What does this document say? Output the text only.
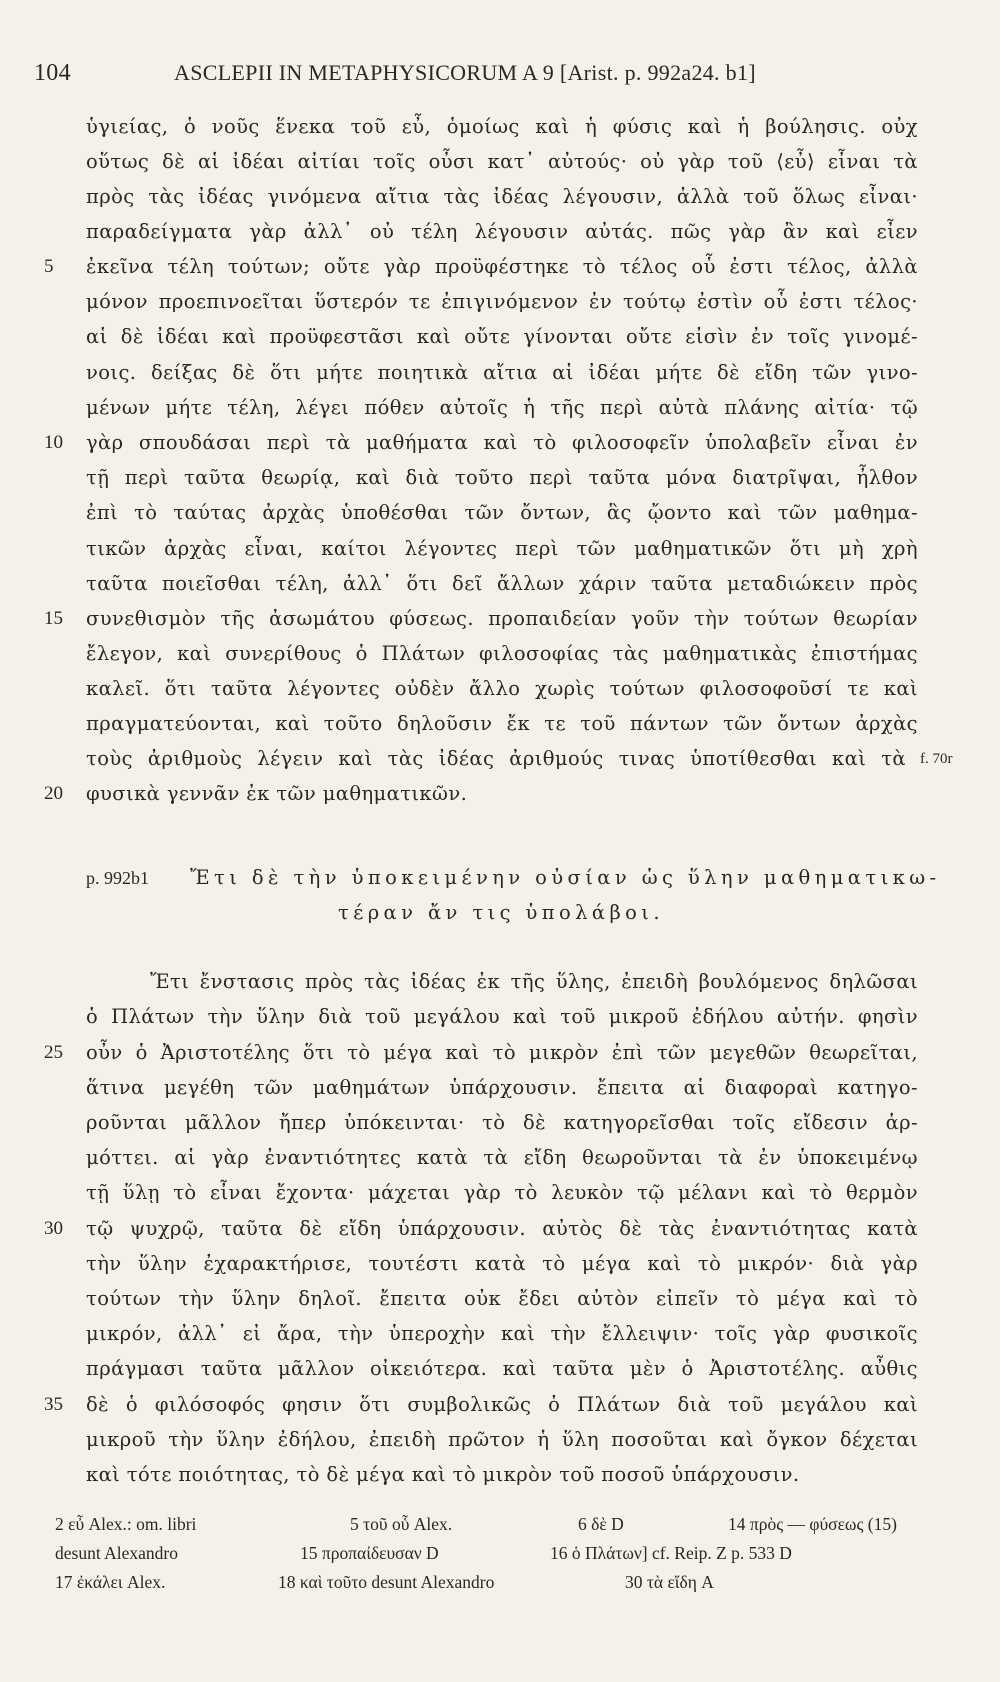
104	ASCLEPII IN METAPHYSICORUM A 9 [Arist. p. 992a24. b1]
ὑγιείας, ὁ νοῦς ἕνεκα τοῦ εὖ, ὁμοίως καὶ ἡ φύσις καὶ ἡ βούλησις. οὐχ
οὕτως δὲ αἱ ἰδέαι αἰτίαι τοῖς οὖσι κατ᾽ αὐτούς· οὐ γὰρ τοῦ ⟨εὖ⟩ εἶναι τὰ
πρὸς τὰς ἰδέας γινόμενα αἴτια τὰς ἰδέας λέγουσιν, ἀλλὰ τοῦ ὅλως εἶναι·
παραδείγματα γὰρ ἀλλ᾽ οὐ τέλη λέγουσιν αὐτάς. πῶς γὰρ ἂν καὶ εἶεν
ἐκεῖνα τέλη τούτων; οὔτε γὰρ προϋφέστηκε τὸ τέλος οὗ ἐστι τέλος, ἀλλὰ
μόνον προεπινοεῖται ὕστερόν τε ἐπιγινόμενον ἐν τούτῳ ἐστὶν οὗ ἐστι τέλος·
αἱ δὲ ἰδέαι καὶ προϋφεστᾶσι καὶ οὔτε γίνονται οὔτε εἰσὶν ἐν τοῖς γινομέ-
νοις. δείξας δὲ ὅτι μήτε ποιητικὰ αἴτια αἱ ἰδέαι μήτε δὲ εἴδη τῶν γινο-
μένων μήτε τέλη, λέγει πόθεν αὐτοῖς ἡ τῆς περὶ αὐτὰ πλάνης αἰτία· τῷ
γὰρ σπουδάσαι περὶ τὰ μαθήματα καὶ τὸ φιλοσοφεῖν ὑπολαβεῖν εἶναι ἐν
τῇ περὶ ταῦτα θεωρίᾳ, καὶ διὰ τοῦτο περὶ ταῦτα μόνα διατρῖψαι, ἦλθον
ἐπὶ τὸ ταύτας ἀρχὰς ὑποθέσθαι τῶν ὄντων, ἃς ᾤοντο καὶ τῶν μαθημα-
τικῶν ἀρχὰς εἶναι, καίτοι λέγοντες περὶ τῶν μαθηματικῶν ὅτι μὴ χρὴ
ταῦτα ποιεῖσθαι τέλη, ἀλλ᾽ ὅτι δεῖ ἄλλων χάριν ταῦτα μεταδιώκειν πρὸς
συνεθισμὸν τῆς ἀσωμάτου φύσεως. προπαιδείαν γοῦν τὴν τούτων θεωρίαν
ἔλεγον, καὶ συνερίθους ὁ Πλάτων φιλοσοφίας τὰς μαθηματικὰς ἐπιστήμας
καλεῖ. ὅτι ταῦτα λέγοντες οὐδὲν ἄλλο χωρὶς τούτων φιλοσοφοῦσί τε καὶ
πραγματεύονται, καὶ τοῦτο δηλοῦσιν ἔκ τε τοῦ πάντων τῶν ὄντων ἀρχὰς
τοὺς ἀριθμοὺς λέγειν καὶ τὰς ἰδέας ἀριθμούς τινας ὑποτίθεσθαι καὶ τὰ
φυσικὰ γεννᾶν ἐκ τῶν μαθηματικῶν.
5
10
15
20
f. 70r
p. 992b1 Ἔτι δὲ τὴν ὑποκειμένην οὐσίαν ὡς ὕλην μαθηματικω-
τέραν ἄν τις ὑπολάβοι.
Ἔτι ἔνστασις πρὸς τὰς ἰδέας ἐκ τῆς ὕλης, ἐπειδὴ βουλόμενος δηλῶσαι
ὁ Πλάτων τὴν ὕλην διὰ τοῦ μεγάλου καὶ τοῦ μικροῦ ἐδήλου αὐτήν. φησὶν
οὖν ὁ Ἀριστοτέλης ὅτι τὸ μέγα καὶ τὸ μικρὸν ἐπὶ τῶν μεγεθῶν θεωρεῖται,
ἅτινα μεγέθη τῶν μαθημάτων ὑπάρχουσιν. ἔπειτα αἱ διαφοραὶ κατηγο-
ροῦνται μᾶλλον ἤπερ ὑπόκεινται· τὸ δὲ κατηγορεῖσθαι τοῖς εἴδεσιν ἁρ-
μόττει. αἱ γὰρ ἐναντιότητες κατὰ τὰ εἴδη θεωροῦνται τὰ ἐν ὑποκειμένῳ
τῇ ὕλῃ τὸ εἶναι ἔχοντα· μάχεται γὰρ τὸ λευκὸν τῷ μέλανι καὶ τὸ θερμὸν
τῷ ψυχρῷ, ταῦτα δὲ εἴδη ὑπάρχουσιν. αὐτὸς δὲ τὰς ἐναντιότητας κατὰ
τὴν ὕλην ἐχαρακτήρισε, τουτέστι κατὰ τὸ μέγα καὶ τὸ μικρόν· διὰ γὰρ
τούτων τὴν ὕλην δηλοῖ. ἔπειτα οὐκ ἔδει αὐτὸν εἰπεῖν τὸ μέγα καὶ τὸ
μικρόν, ἀλλ᾽ εἰ ἄρα, τὴν ὑπεροχὴν καὶ τὴν ἔλλειψιν· τοῖς γὰρ φυσικοῖς
πράγμασι ταῦτα μᾶλλον οἰκειότερα. καὶ ταῦτα μὲν ὁ Ἀριστοτέλης. αὖθις
δὲ ὁ φιλόσοφός φησιν ὅτι συμβολικῶς ὁ Πλάτων διὰ τοῦ μεγάλου καὶ
μικροῦ τὴν ὕλην ἐδήλου, ἐπειδὴ πρῶτον ἡ ὕλη ποσοῦται καὶ ὄγκον δέχεται
καὶ τότε ποιότητας, τὸ δὲ μέγα καὶ τὸ μικρὸν τοῦ ποσοῦ ὑπάρχουσιν.
25
30
35
2 εὖ Alex.: om. libri	5 τοῦ οὗ Alex.	6 δὲ D	14 πρὸς — φύσεως (15)
desunt Alexandro	15 προπαίδευσαν D	16 ὁ Πλάτων] cf. Reip. Z p. 533 D
17 ἐκάλει Alex.	18 καὶ τοῦτο desunt Alexandro	30 τὰ εἴδη A
